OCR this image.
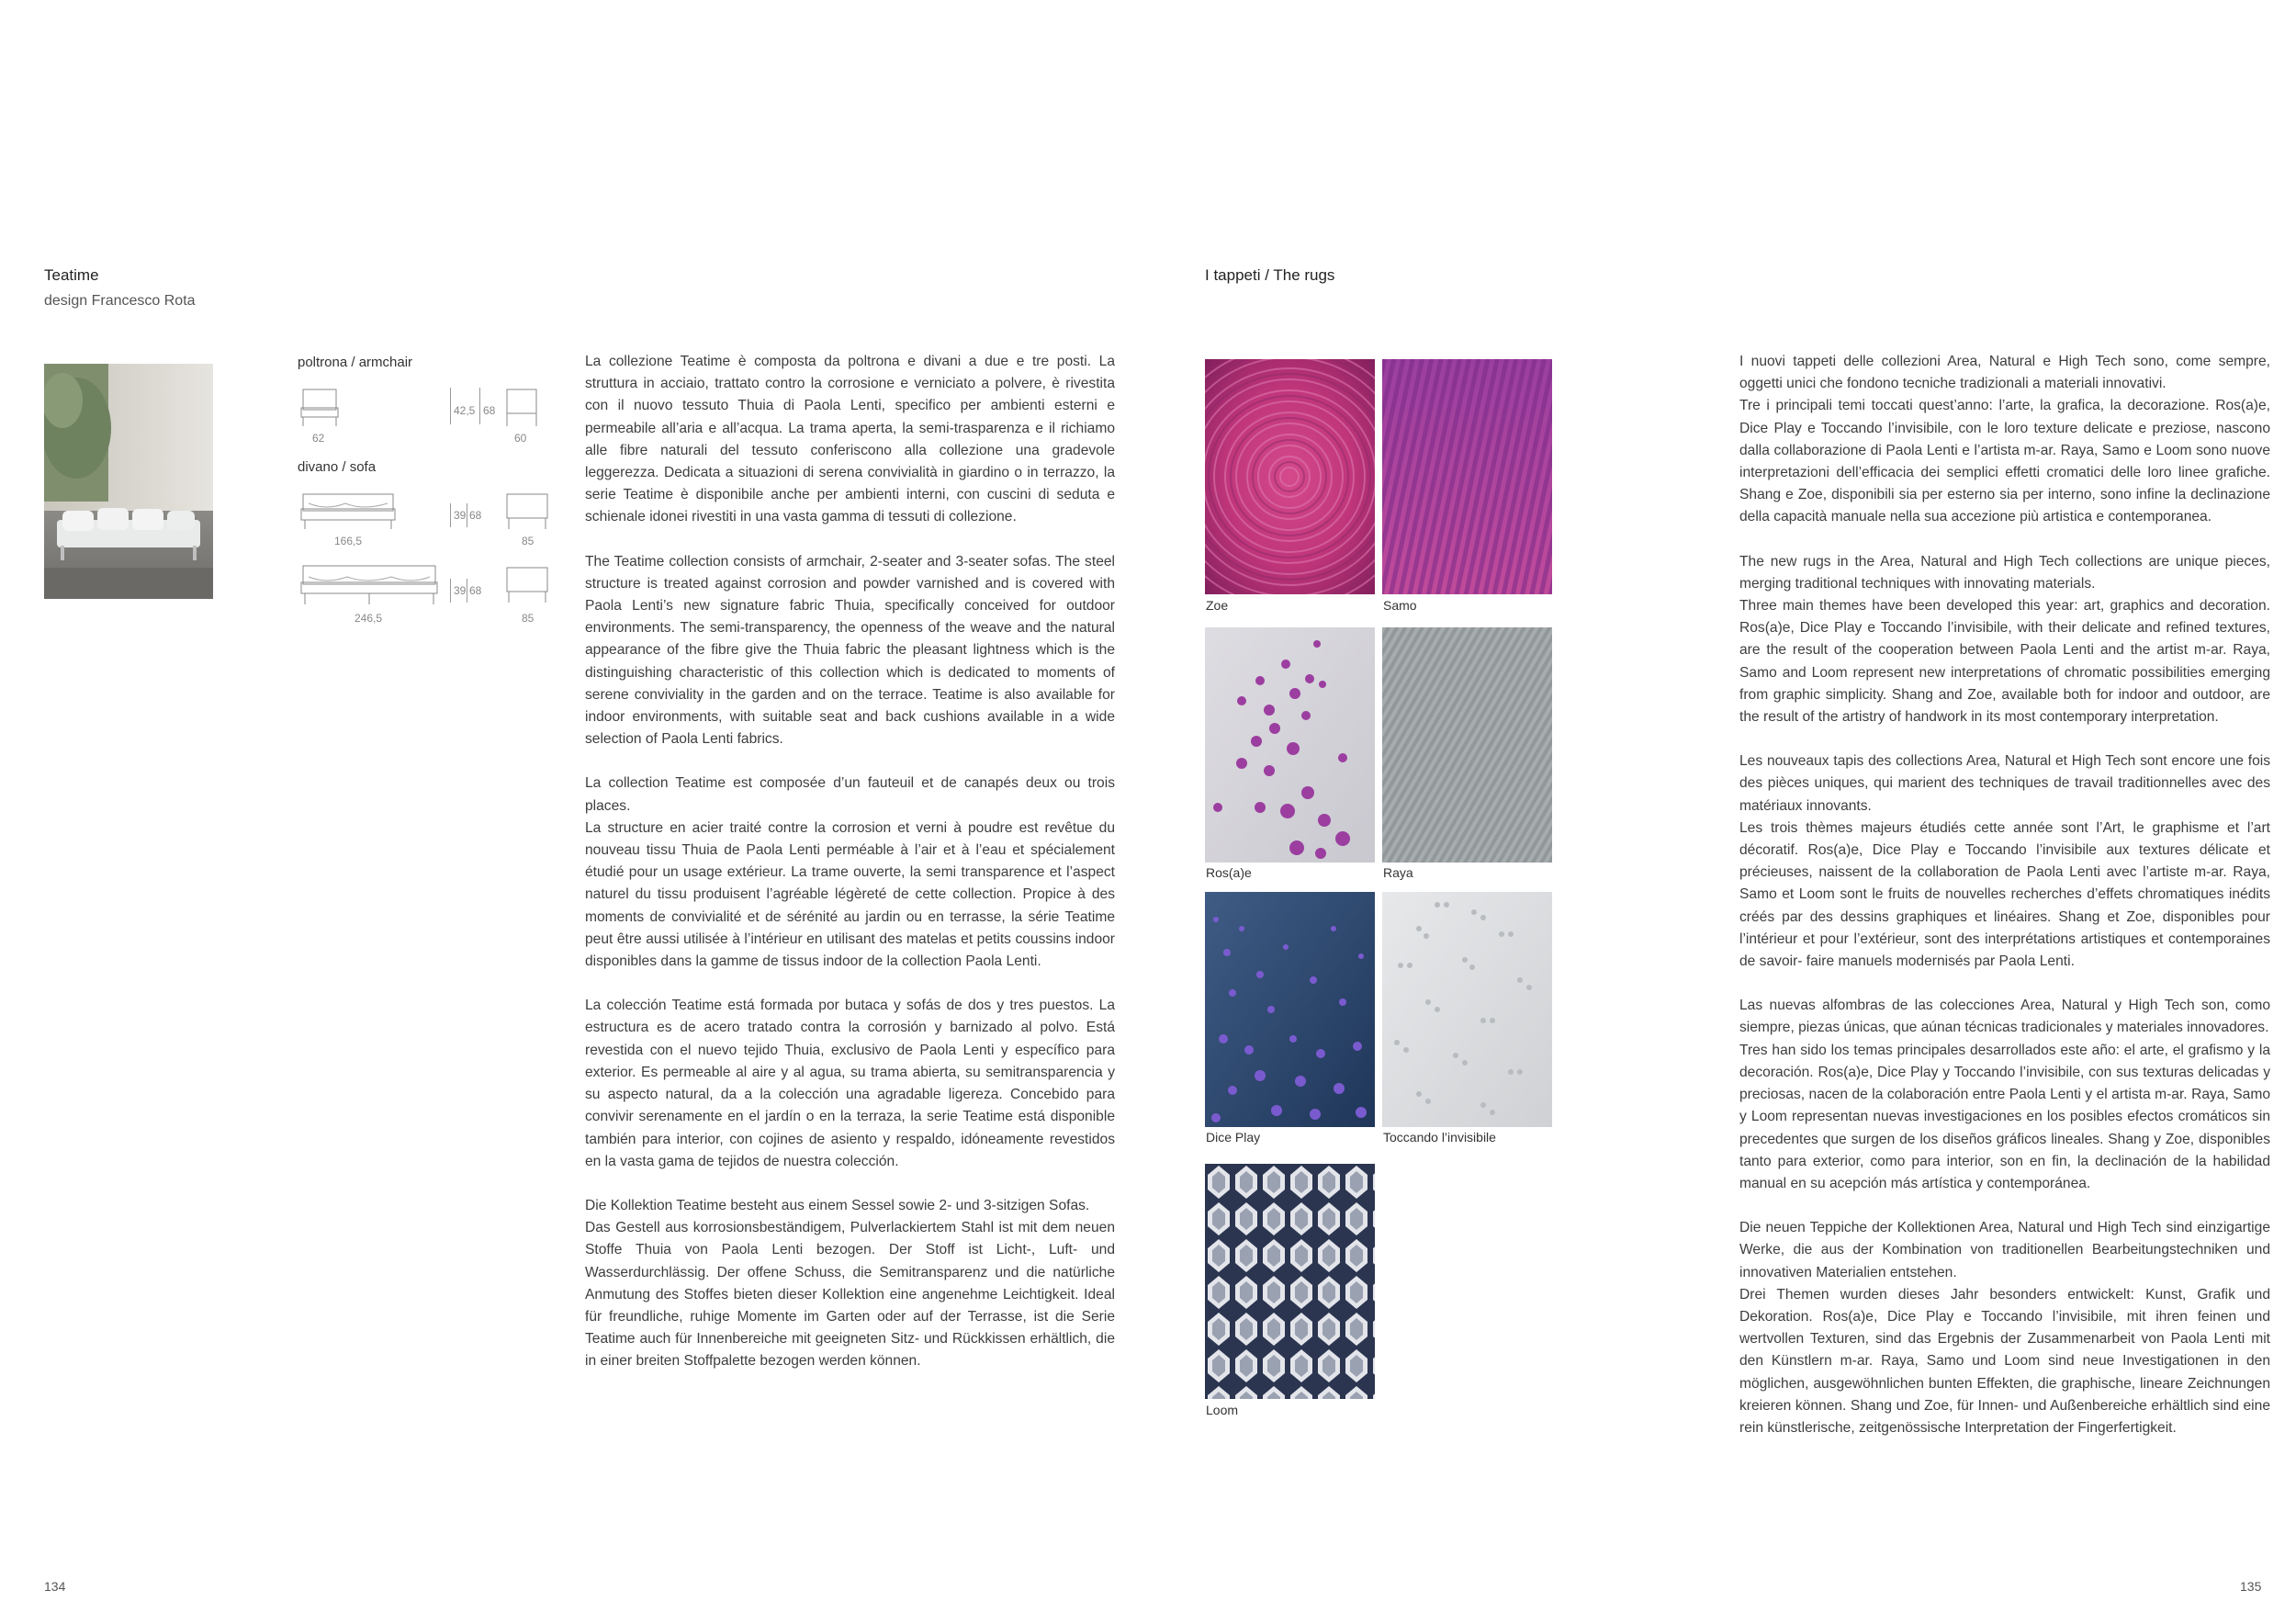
Teatime
design Francesco Rota
poltrona / armchair
62
42,5 68
60
divano / sofa
166,5
39 68
85
246,5
39 68
85

La collezione Teatime è composta da poltrona e divani a due e tre posti. La struttura in acciaio, trattato contro la corrosione e verniciato a polvere, è rivestita con il nuovo tessuto Thuia di Paola Lenti, specifico per ambienti esterni e permeabile all’aria e all’acqua. La trama aperta, la semi-trasparenza e il richiamo alle fibre naturali del tessuto conferiscono alla collezione una gradevole leggerezza. Dedicata a situazioni di serena convivialità in giardino o in terrazzo, la serie Teatime è disponibile anche per ambienti interni, con cuscini di seduta e schienale idonei rivestiti in una vasta gamma di tessuti di collezione.

The Teatime collection consists of armchair, 2-seater and 3-seater sofas. The steel structure is treated against corrosion and powder varnished and is covered with Paola Lenti’s new signature fabric Thuia, specifically conceived for outdoor environments. The semi-transparency, the openness of the weave and the natural appearance of the fibre give the Thuia fabric the pleasant lightness which is the distinguishing characteristic of this collection which is dedicated to moments of serene conviviality in the garden and on the terrace. Teatime is also available for indoor environments, with suitable seat and back cushions available in a wide selection of Paola Lenti fabrics.

La collection Teatime est composée d’un fauteuil et de canapés deux ou trois places.

La structure en acier traité contre la corrosion et verni à poudre est revêtue du nouveau tissu Thuia de Paola Lenti perméable à l’air et à l’eau et spécialement étudié pour un usage extérieur. La trame ouverte, la semi transparence et l’aspect naturel du tissu produisent l’agréable légèreté de cette collection. Propice à des moments de convivialité et de sérénité au jardin ou en terrasse, la série Teatime peut être aussi utilisée à l’intérieur en utilisant des matelas et petits coussins indoor disponibles dans la gamme de tissus indoor de la collection Paola Lenti.

La colección Teatime está formada por butaca y sofás de dos y tres puestos. La estructura es de acero tratado contra la corrosión y barnizado al polvo. Está revestida con el nuevo tejido Thuia, exclusivo de Paola Lenti y específico para exterior. Es permeable al aire y al agua, su trama abierta, su semitransparencia y su aspecto natural, da a la colección una agradable ligereza. Concebido para convivir serenamente en el jardín o en la terraza, la serie Teatime está disponible también para interior, con cojines de asiento y respaldo, idóneamente revestidos en la vasta gama de tejidos de nuestra colección.

Die Kollektion Teatime besteht aus einem Sessel sowie 2- und 3-sitzigen Sofas.

Das Gestell aus korrosionsbeständigem, Pulverlackiertem Stahl ist mit dem neuen Stoffe Thuia von Paola Lenti bezogen. Der Stoff ist Licht-, Luft- und Wasserdurchlässig. Der offene Schuss, die Semitransparenz und die natürliche Anmutung des Stoffes bieten dieser Kollektion eine angenehme Leichtigkeit. Ideal für freundliche, ruhige Momente im Garten oder auf der Terrasse, ist die Serie Teatime auch für Innenbereiche mit geeigneten Sitz- und Rückkissen erhältlich, die in einer breiten Stoffpalette bezogen werden können.

134
I tappeti / The rugs
Zoe	Samo
Ros(a)e	Raya
Dice Play	Toccando l’invisibile
Loom

I nuovi tappeti delle collezioni Area, Natural e High Tech sono, come sempre, oggetti unici che fondono tecniche tradizionali a materiali innovativi.

Tre i principali temi toccati quest’anno: l’arte, la grafica, la decorazione. Ros(a)e, Dice Play e Toccando l’invisibile, con le loro texture delicate e preziose, nascono dalla collaborazione di Paola Lenti e l’artista m-ar. Raya, Samo e Loom sono nuove interpretazioni dell’efficacia dei semplici effetti cromatici delle loro linee grafiche. Shang e Zoe, disponibili sia per esterno sia per interno, sono infine la declinazione della capacità manuale nella sua accezione più artistica e contemporanea.

The new rugs in the Area, Natural and High Tech collections are unique pieces, merging traditional techniques with innovating materials.

Three main themes have been developed this year: art, graphics and decoration. Ros(a)e, Dice Play e Toccando l’invisibile, with their delicate and refined textures, are the result of the cooperation between Paola Lenti and the artist m-ar. Raya, Samo and Loom represent new interpretations of chromatic possibilities emerging from graphic simplicity. Shang and Zoe, available both for indoor and outdoor, are the result of the artistry of handwork in its most contemporary interpretation.

Les nouveaux tapis des collections Area, Natural et High Tech sont encore une fois des pièces uniques, qui marient des techniques de travail traditionnelles avec des matériaux innovants.

Les trois thèmes majeurs étudiés cette année sont l’Art, le graphisme et l’art décoratif. Ros(a)e, Dice Play e Toccando l’invisibile aux textures délicate et précieuses, naissent de la collaboration de Paola Lenti avec l’artiste m-ar. Raya, Samo et Loom sont le fruits de nouvelles recherches d’effets chromatiques inédits créés par des dessins graphiques et linéaires. Shang et Zoe, disponibles pour l’intérieur et pour l’extérieur, sont des interprétations artistiques et contemporaines de savoir- faire manuels modernisés par Paola Lenti.

Las nuevas alfombras de las colecciones Area, Natural y High Tech son, como siempre, piezas únicas, que aúnan técnicas tradicionales y materiales innovadores.

Tres han sido los temas principales desarrollados este año: el arte, el grafismo y la decoración. Ros(a)e, Dice Play y Toccando l’invisibile, con sus texturas delicadas y preciosas, nacen de la colaboración entre Paola Lenti y el artista m-ar. Raya, Samo y Loom representan nuevas investigaciones en los posibles efectos cromáticos sin precedentes que surgen de los diseños gráficos lineales. Shang y Zoe, disponibles tanto para exterior, como para interior, son en fin, la declinación de la habilidad manual en su acepción más artística y contemporánea.

Die neuen Teppiche der Kollektionen Area, Natural und High Tech sind einzigartige Werke, die aus der Kombination von traditionellen Bearbeitungstechniken und innovativen Materialien entstehen.

Drei Themen wurden dieses Jahr besonders entwickelt: Kunst, Grafik und Dekoration. Ros(a)e, Dice Play e Toccando l’invisibile, mit ihren feinen und wertvollen Texturen, sind das Ergebnis der Zusammenarbeit von Paola Lenti mit den Künstlern m-ar. Raya, Samo und Loom sind neue Investigationen in den möglichen, ausgewöhnlichen bunten Effekten, die graphische, lineare Zeichnungen kreieren können. Shang und Zoe, für Innen- und Außenbereiche erhältlich sind eine rein künstlerische, zeitgenössische Interpretation der Fingerfertigkeit.

135
